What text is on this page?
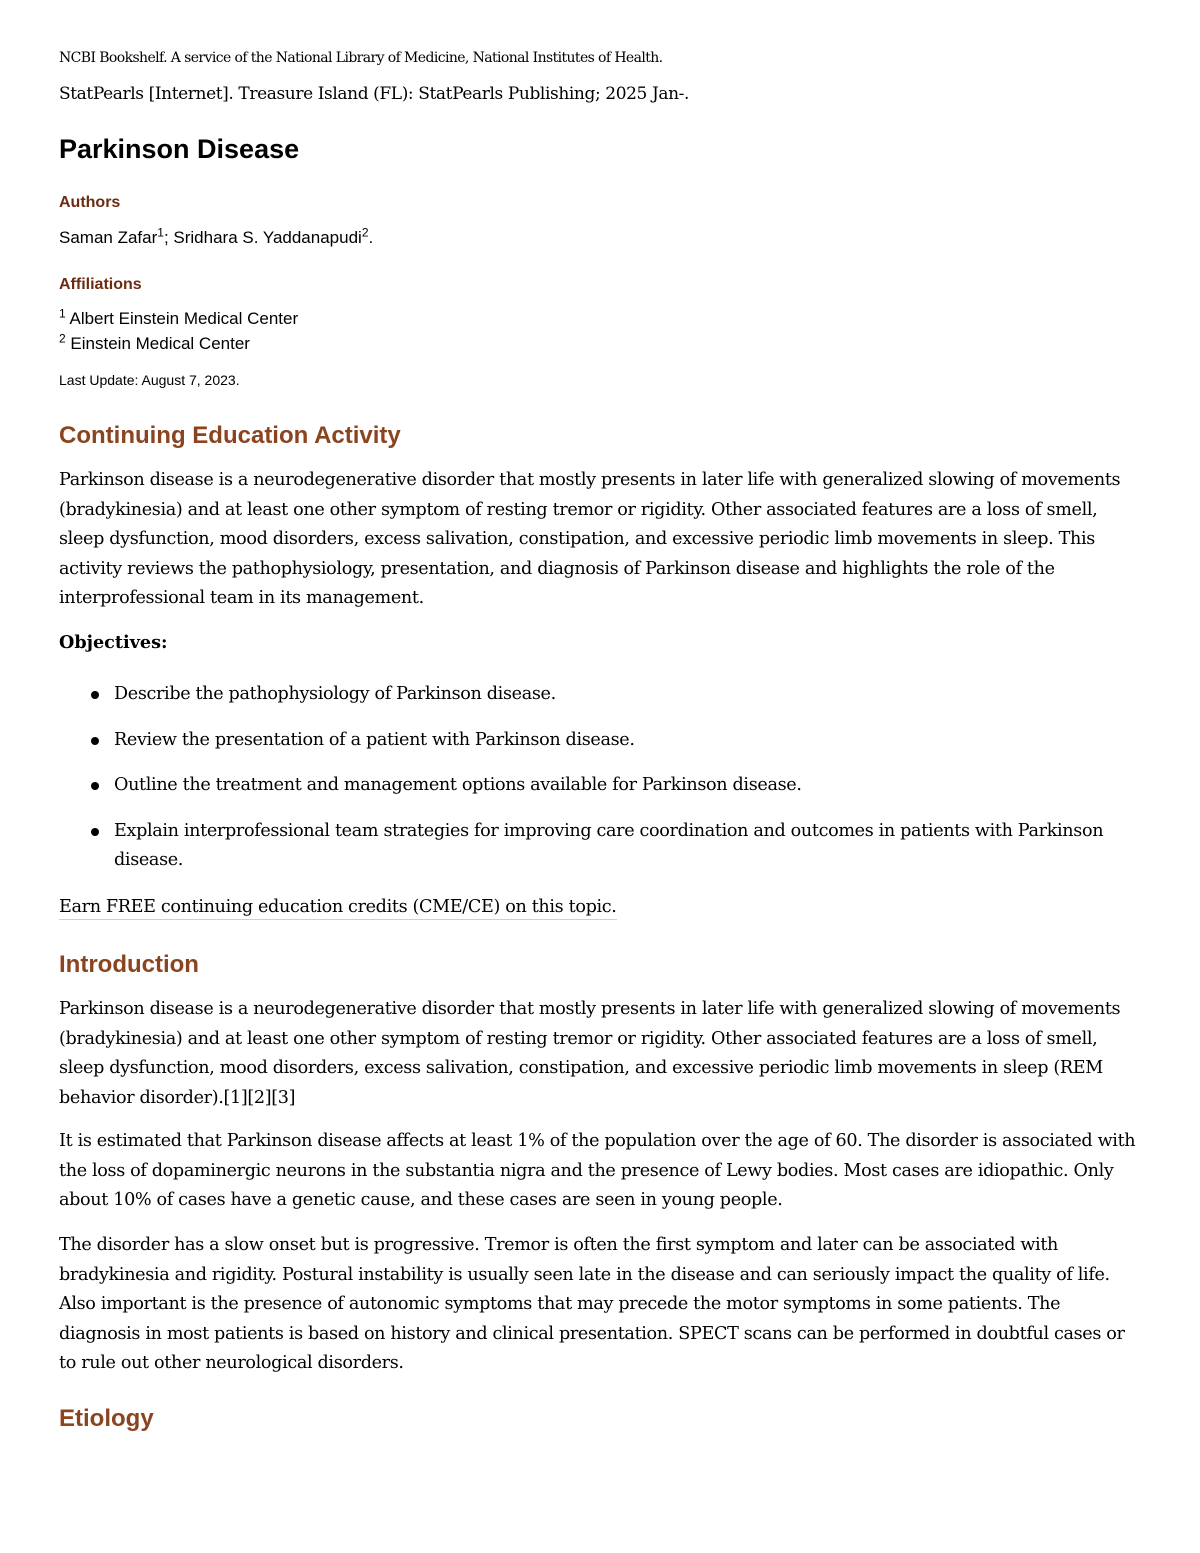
NCBI Bookshelf. A service of the National Library of Medicine, National Institutes of Health.
StatPearls [Internet]. Treasure Island (FL): StatPearls Publishing; 2025 Jan-.
Parkinson Disease
Authors
Saman Zafar$^1$; Sridhara S. Yaddanapudi$^2$.
Affiliations
$^1$ Albert Einstein Medical Center
$^2$ Einstein Medical Center
Last Update: August 7, 2023.
Continuing Education Activity

Parkinson disease is a neurodegenerative disorder that mostly presents in later life with generalized slowing of movements (bradykinesia) and at least one other symptom of resting tremor or rigidity. Other associated features are a loss of smell, sleep dysfunction, mood disorders, excess salivation, constipation, and excessive periodic limb movements in sleep. This activity reviews the pathophysiology, presentation, and diagnosis of Parkinson disease and highlights the role of the interprofessional team in its management.

Objectives:
Describe the pathophysiology of Parkinson disease.
Review the presentation of a patient with Parkinson disease.
Outline the treatment and management options available for Parkinson disease.
Explain interprofessional team strategies for improving care coordination and outcomes in patients with Parkinson disease.
Earn FREE continuing education credits (CME/CE) on this topic.
Introduction

Parkinson disease is a neurodegenerative disorder that mostly presents in later life with generalized slowing of movements (bradykinesia) and at least one other symptom of resting tremor or rigidity. Other associated features are a loss of smell, sleep dysfunction, mood disorders, excess salivation, constipation, and excessive periodic limb movements in sleep (REM behavior disorder).[1][2][3]

It is estimated that Parkinson disease affects at least 1% of the population over the age of 60. The disorder is associated with the loss of dopaminergic neurons in the substantia nigra and the presence of Lewy bodies. Most cases are idiopathic. Only about 10% of cases have a genetic cause, and these cases are seen in young people.

The disorder has a slow onset but is progressive. Tremor is often the first symptom and later can be associated with bradykinesia and rigidity. Postural instability is usually seen late in the disease and can seriously impact the quality of life. Also important is the presence of autonomic symptoms that may precede the motor symptoms in some patients. The diagnosis in most patients is based on history and clinical presentation. SPECT scans can be performed in doubtful cases or to rule out other neurological disorders.

Etiology
